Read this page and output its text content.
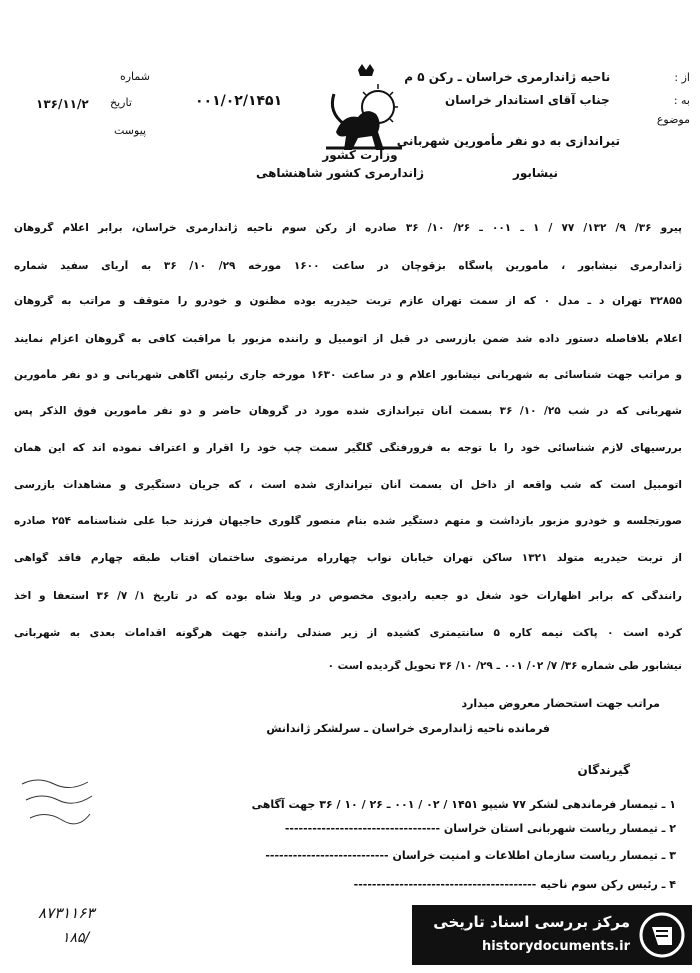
از : ناحیه ژاندارمری خراسان ـ رکن ۵ م
به : جناب آقای استاندار خراسان
موضوع
تیراندازی به دو نفر مأمورین شهربانی
نیشابور
شماره
۰۰۱/۰۲/۱۴۵۱
تاریخ
۱۳۶/۱۱/۲
پیوست
وزارت کشور
ژاندارمری کشور شاهنشاهی
پیرو ۳۶/ ۹/ ۱۳۲/ ۷۷ / ۱ ـ ۰۰۱ ـ ۲۶/ ۱۰/ ۳۶ صادره از رکن سوم ناحیه ژاندارمری خراسان، برابر اعلام گروهان
ژاندارمری نیشابور ، مأمورین پاسگاه بزقوچان در ساعت ۱۶۰۰ مورخه ۲۹/ ۱۰/ ۳۶ به آریای سفید شماره
۳۲۸۵۵ تهران د ـ مدل ۰ که از سمت تهران عازم تربت حیدریه بوده مظنون و خودرو را متوقف و مراتب به گروهان
اعلام بلافاصله دستور داده شد ضمن بازرسی در قبل از اتومبیل و راننده مزبور با مراقبت کافی به گروهان اعزام نمایند
و مراتب جهت شناسائی به شهربانی نیشابور اعلام و در ساعت ۱۶۳۰ مورخه جاری رئیس آگاهی شهربانی و دو نفر مأمورین
شهربانی که در شب ۲۵/ ۱۰/ ۳۶ بسمت آنان تیراندازی شده مورد در گروهان حاضر و دو نفر مأمورین فوق الذکر پس
بررسیهای لازم شناسائی خود را با توجه به فرورفتگی گلگیر سمت چپ خود را اقرار و اعتراف نموده اند که این همان
اتومبیل است که شب واقعه از داخل آن بسمت آنان تیراندازی شده است ، که جریان دستگیری و مشاهدات بازرسی
صورتجلسه و خودرو مزبور بازداشت و متهم دستگیر شده بنام منصور گلوری حاجیهان فرزند حبا علی شناسنامه ۲۵۴ صادره
از تربت حیدریه متولد ۱۳۲۱ ساکن تهران خیابان نواب چهارراه مرتضوی ساختمان آفتاب طبقه چهارم فاقد گواهی
رانندگی که برابر اظهارات خود شغل دو جعبه رادیوی مخصوص در ویلا شاه بوده که در تاریخ ۱/ ۷/ ۳۶ استعفا و اخذ
کرده است ۰ پاکت نیمه کاره ۵ سانتیمتری کشیده از زیر صندلی راننده جهت هرگونه اقدامات بعدی به شهربانی
نیشابور طی شماره ۳۶/ ۷/ ۰۲/ ۰۰۱ ـ ۲۹/ ۱۰/ ۳۶ تحویل گردیده است ۰
مراتب جهت استحضار معروض میدارد
فرمانده ناحیه ژاندارمری خراسان ـ سرلشکر ژاندانش
گیرندگان
۱ ـ تیمسار فرماندهی لشکر ۷۷ شیپو ۱۴۵۱ / ۰۲ / ۰۰۱ ـ ۲۶ / ۱۰ / ۳۶ جهت آگاهی
۲ ـ تیمسار ریاست شهربانی استان خراسان ----------------------------------
۳ ـ تیمسار ریاست سازمان اطلاعات و امنیت خراسان ---------------------------
۴ ـ رئیس رکن سوم ناحیه ----------------------------------------
۸۷۳۱۱۶۳
۱۸۵/
مرکز بررسی اسناد تاریخی
historydocuments.ir
